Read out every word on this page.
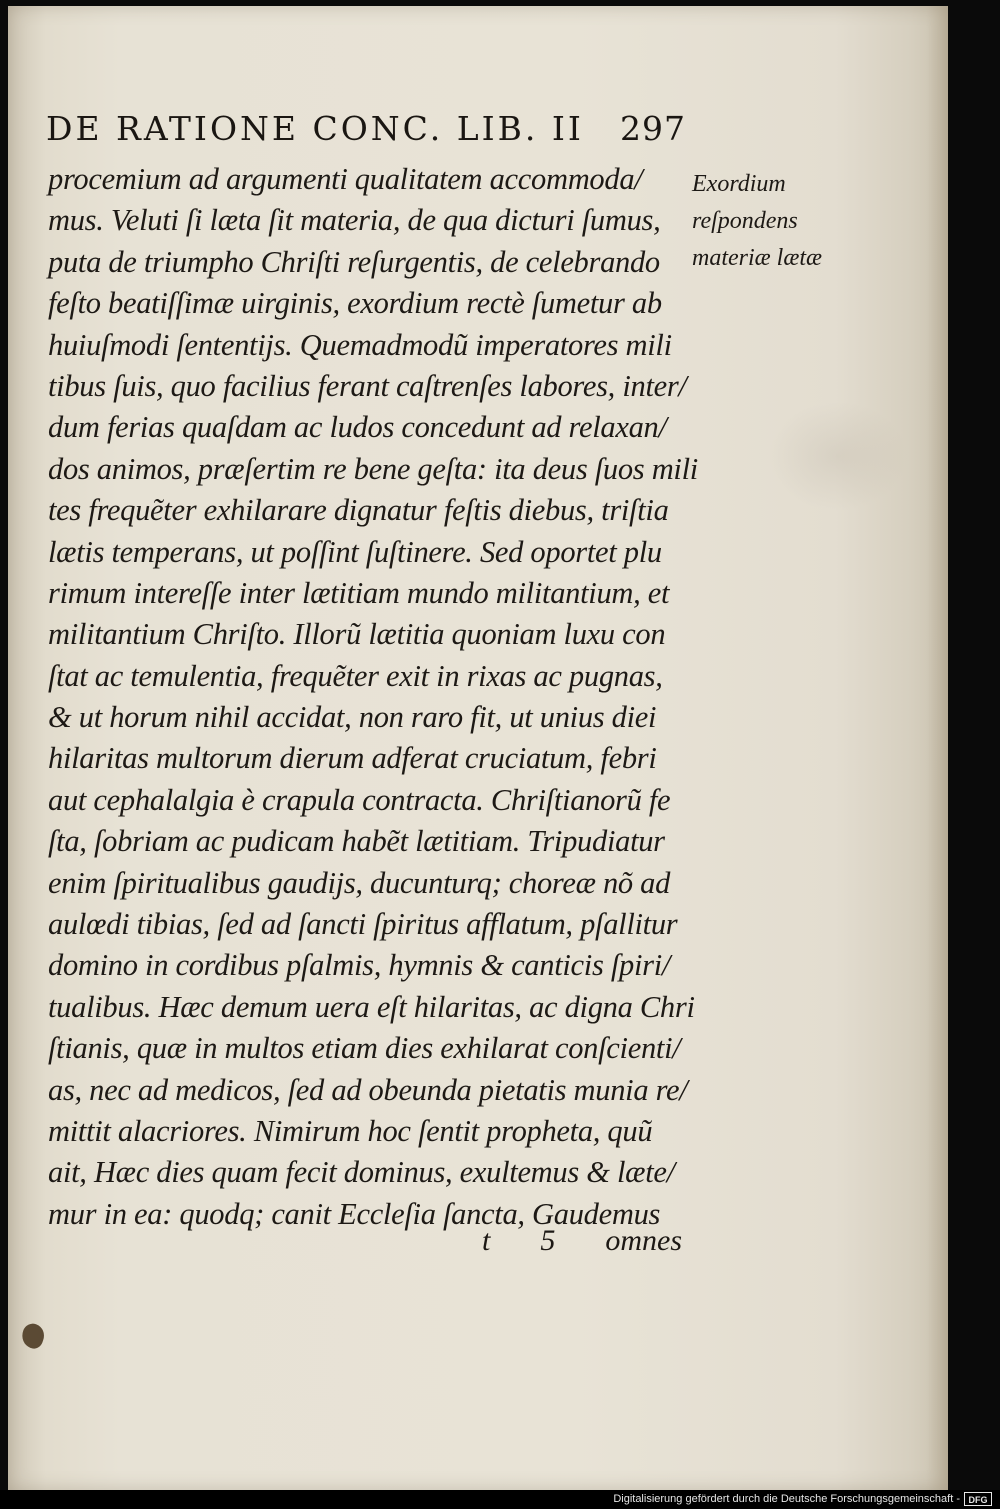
DE RATIONE CONC. LIB. II 297
procemium ad argumenti qualitatem accommoda/
mus. Veluti ſi læta ſit materia, de qua dicturi ſumus,
puta de triumpho Chriſti reſurgentis, de celebrando
feſto beatiſſimæ uirginis, exordium rectè ſumetur ab
huiuſmodi ſententijs. Quemadmodũ imperatores mili
tibus ſuis, quo facilius ferant caſtrenſes labores, inter/
dum ferias quaſdam ac ludos concedunt ad relaxan/
dos animos, præſertim re bene geſta: ita deus ſuos mili
tes frequẽter exhilarare dignatur feſtis diebus, triſtia
lætis temperans, ut poſſint ſuſtinere. Sed oportet plu
rimum intereſſe inter lætitiam mundo militantium, et
militantium Chriſto. Illorũ lætitia quoniam luxu con
ſtat ac temulentia, frequẽter exit in rixas ac pugnas,
& ut horum nihil accidat, non raro fit, ut unius diei
hilaritas multorum dierum adferat cruciatum, febri
aut cephalalgia è crapula contracta. Chriſtianorũ fe
ſta, ſobriam ac pudicam habẽt lætitiam. Tripudiatur
enim ſpiritualibus gaudijs, ducunturq; choreæ nõ ad
aulœdi tibias, ſed ad ſancti ſpiritus afflatum, pſallitur
domino in cordibus pſalmis, hymnis & canticis ſpiri/
tualibus. Hæc demum uera eſt hilaritas, ac digna Chri
ſtianis, quæ in multos etiam dies exhilarat conſcienti/
as, nec ad medicos, ſed ad obeunda pietatis munia re/
mittit alacriores. Nimirum hoc ſentit propheta, quũ
ait, Hæc dies quam fecit dominus, exultemus & læte/
mur in ea: quodq; canit Eccleſia ſancta, Gaudemus
Exordium
reſpondens
materiæ lætæ
t 5 omnes
Digitalisierung gefördert durch die Deutsche Forschungsgemeinschaft - DFG
